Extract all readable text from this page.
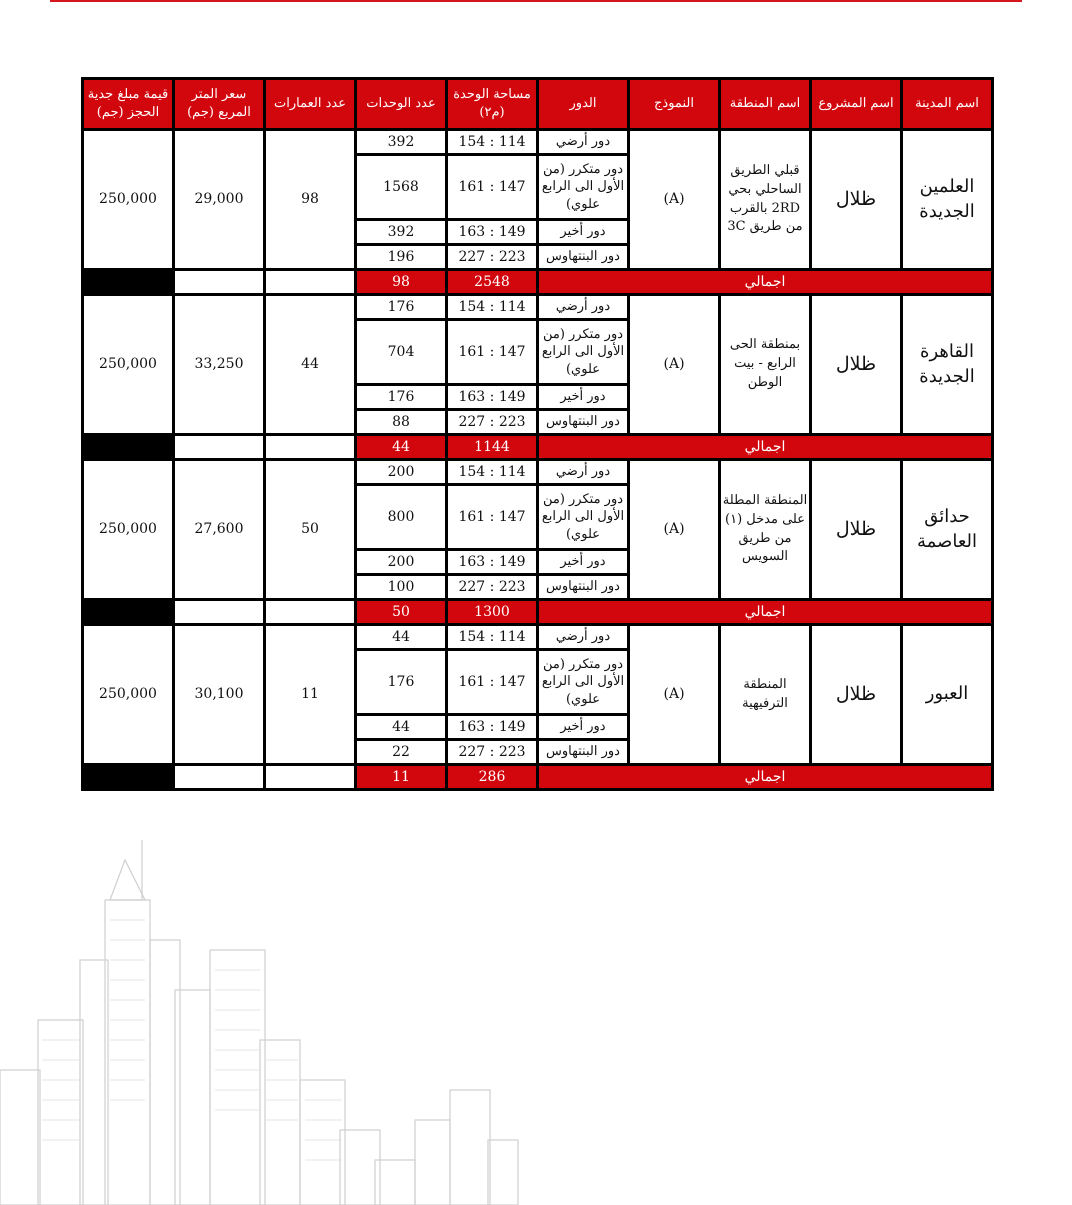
اسم المدينة	اسم المشروع	اسم المنطقة	النموذج	الدور	مساحة الوحدة (م٢)	عدد الوحدات	عدد العمارات	سعر المتر المربع (جم)	قيمة مبلغ جدية الحجز (جم)
العلمين الجديدة	ظلال	قبلي الطريق الساحلي بحي 2RD بالقرب من طريق 3C	(A)	دور أرضي	114 : 154	392	98	29,000	250,000
				دور متكرر (من الأول الى الرابع علوي)	147 : 161	1568			
				دور أخير	149 : 163	392			
				دور البنتهاوس	223 : 227	196			
اجمالي					2548	98			
القاهرة الجديدة	ظلال	بمنطقة الحى الرابع - بيت الوطن	(A)	دور أرضي	114 : 154	176	44	33,250	250,000
				دور متكرر (من الأول الى الرابع علوي)	147 : 161	704			
				دور أخير	149 : 163	176			
				دور البنتهاوس	223 : 227	88			
اجمالي					1144	44			
حدائق العاصمة	ظلال	المنطقة المطلة على مدخل (١) من طريق السويس	(A)	دور أرضي	114 : 154	200	50	27,600	250,000
				دور متكرر (من الأول الى الرابع علوي)	147 : 161	800			
				دور أخير	149 : 163	200			
				دور البنتهاوس	223 : 227	100			
اجمالي					1300	50			
العبور	ظلال	المنطقة الترفيهية	(A)	دور أرضي	114 : 154	44	11	30,100	250,000
				دور متكرر (من الأول الى الرابع علوي)	147 : 161	176			
				دور أخير	149 : 163	44			
				دور البنتهاوس	223 : 227	22			
اجمالي					286	11			
